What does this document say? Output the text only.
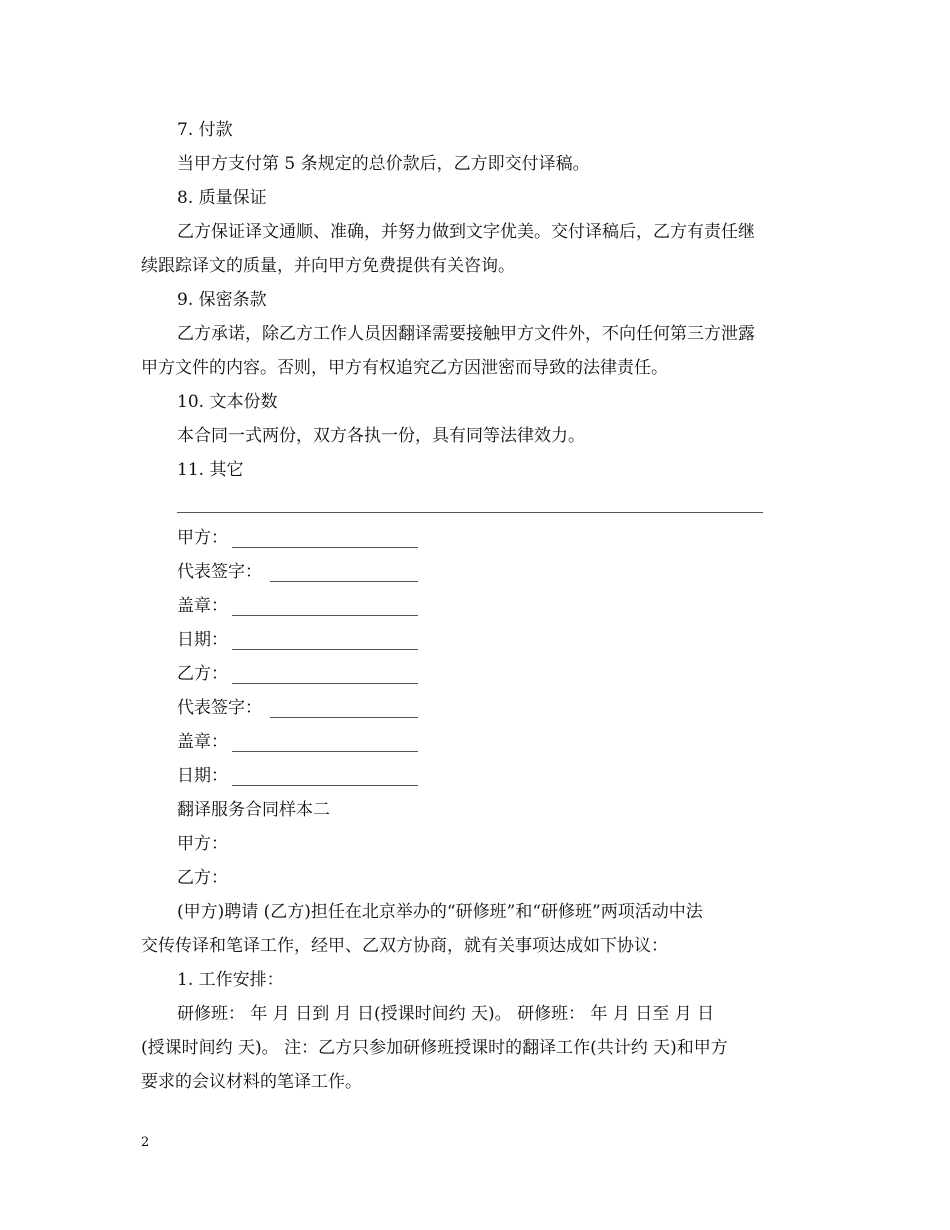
7. 付款
当甲方支付第 5 条规定的总价款后，乙方即交付译稿。
8. 质量保证
乙方保证译文通顺、准确，并努力做到文字优美。交付译稿后，乙方有责任继
续跟踪译文的质量，并向甲方免费提供有关咨询。
9. 保密条款
乙方承诺，除乙方工作人员因翻译需要接触甲方文件外，不向任何第三方泄露
甲方文件的内容。否则，甲方有权追究乙方因泄密而导致的法律责任。
10. 文本份数
本合同一式两份，双方各执一份，具有同等法律效力。
11. 其它
甲方：
代表签字：
盖章：
日期：
乙方：
代表签字：
盖章：
日期：
翻译服务合同样本二
甲方：
乙方：
(甲方)聘请 (乙方)担任在北京举办的“研修班”和“研修班”两项活动中法
交传传译和笔译工作，经甲、乙双方协商，就有关事项达成如下协议：
1. 工作安排：
研修班： 年 月 日到 月 日(授课时间约 天)。 研修班： 年 月 日至 月 日
(授课时间约 天)。 注：乙方只参加研修班授课时的翻译工作(共计约 天)和甲方
要求的会议材料的笔译工作。
2
